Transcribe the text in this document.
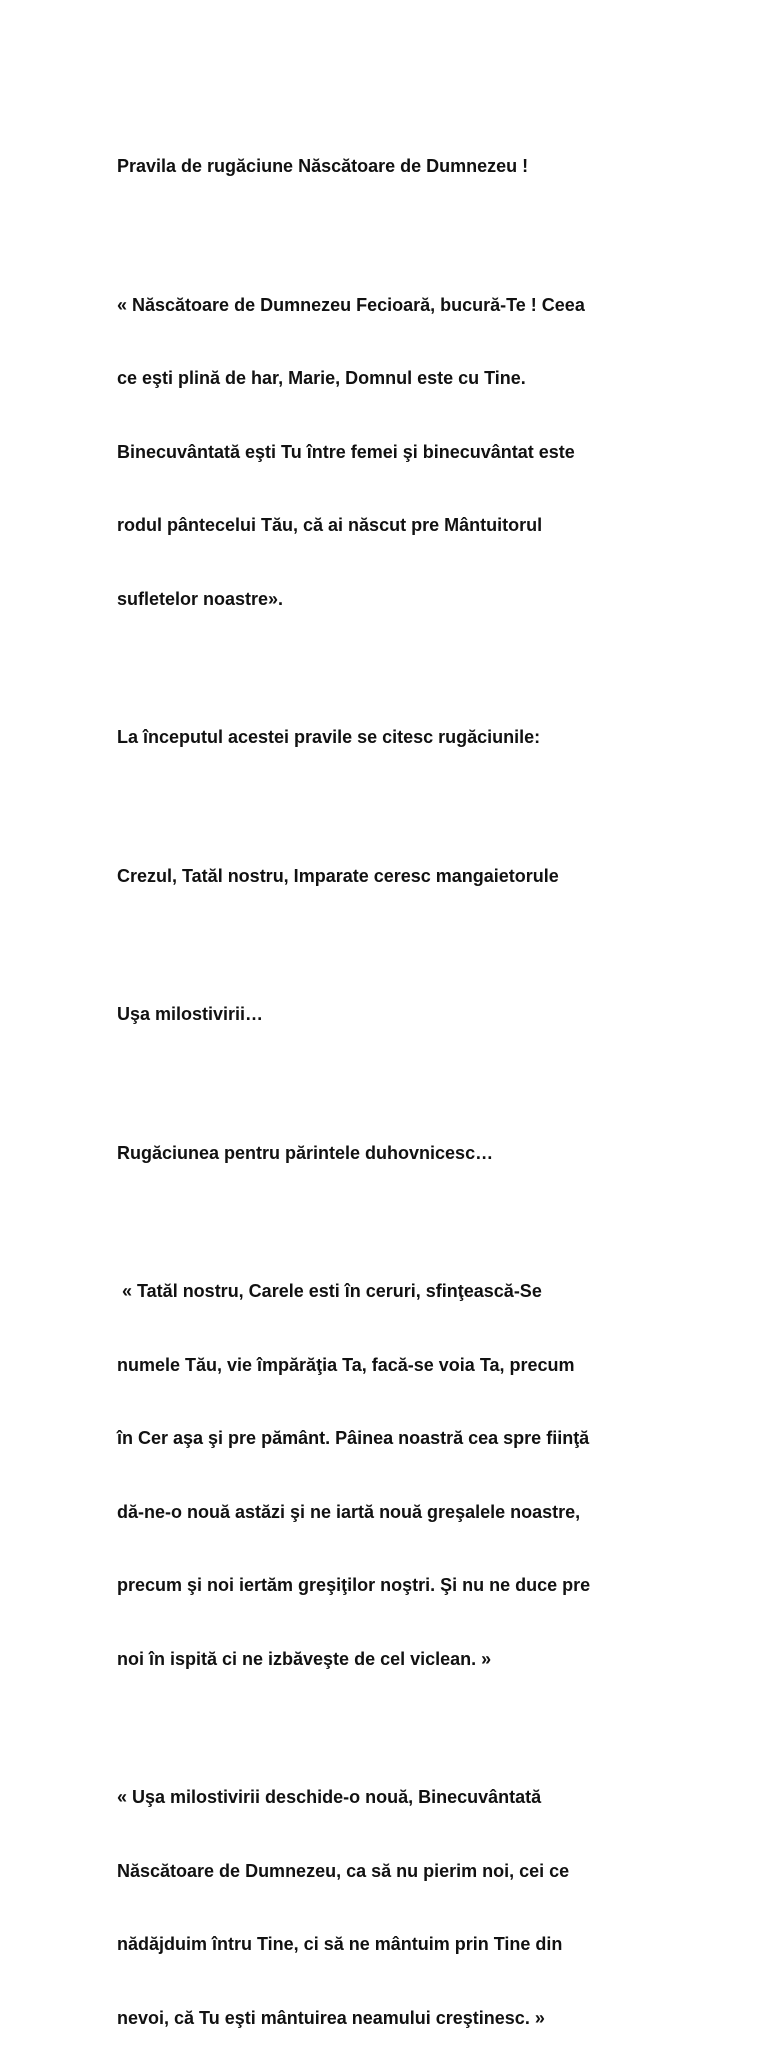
Pravila de rugăciune Născătoare de Dumnezeu !

« Născătoare de Dumnezeu Fecioară, bucură-Te ! Ceea

ce eşti plină de har, Marie, Domnul este cu Tine.

Binecuvântată eşti Tu între femei şi binecuvântat este

rodul pântecelui Tău, că ai născut pre Mântuitorul

sufletelor noastre».

La începutul acestei pravile se citesc rugăciunile:

Crezul, Tatăl nostru, Imparate ceresc mangaietorule

Uşa milostivirii…

Rugăciunea pentru părintele duhovnicesc…

« Tatăl nostru, Carele esti în ceruri, sfinţească-Se

numele Tău, vie împărăţia Ta, facă-se voia Ta, precum

în Cer aşa şi pre pământ. Pâinea noastră cea spre fiinţă

dă-ne-o nouă astăzi şi ne iartă nouă greşalele noastre,

precum şi noi iertăm greşiţilor noştri. Şi nu ne duce pre

noi în ispită ci ne izbăveşte de cel viclean. »

« Uşa milostivirii deschide-o nouă, Binecuvântată

Născătoare de Dumnezeu, ca să nu pierim noi, cei ce

nădăjduim întru Tine, ci să ne mântuim prin Tine din

nevoi, că Tu eşti mântuirea neamului creştinesc. »
